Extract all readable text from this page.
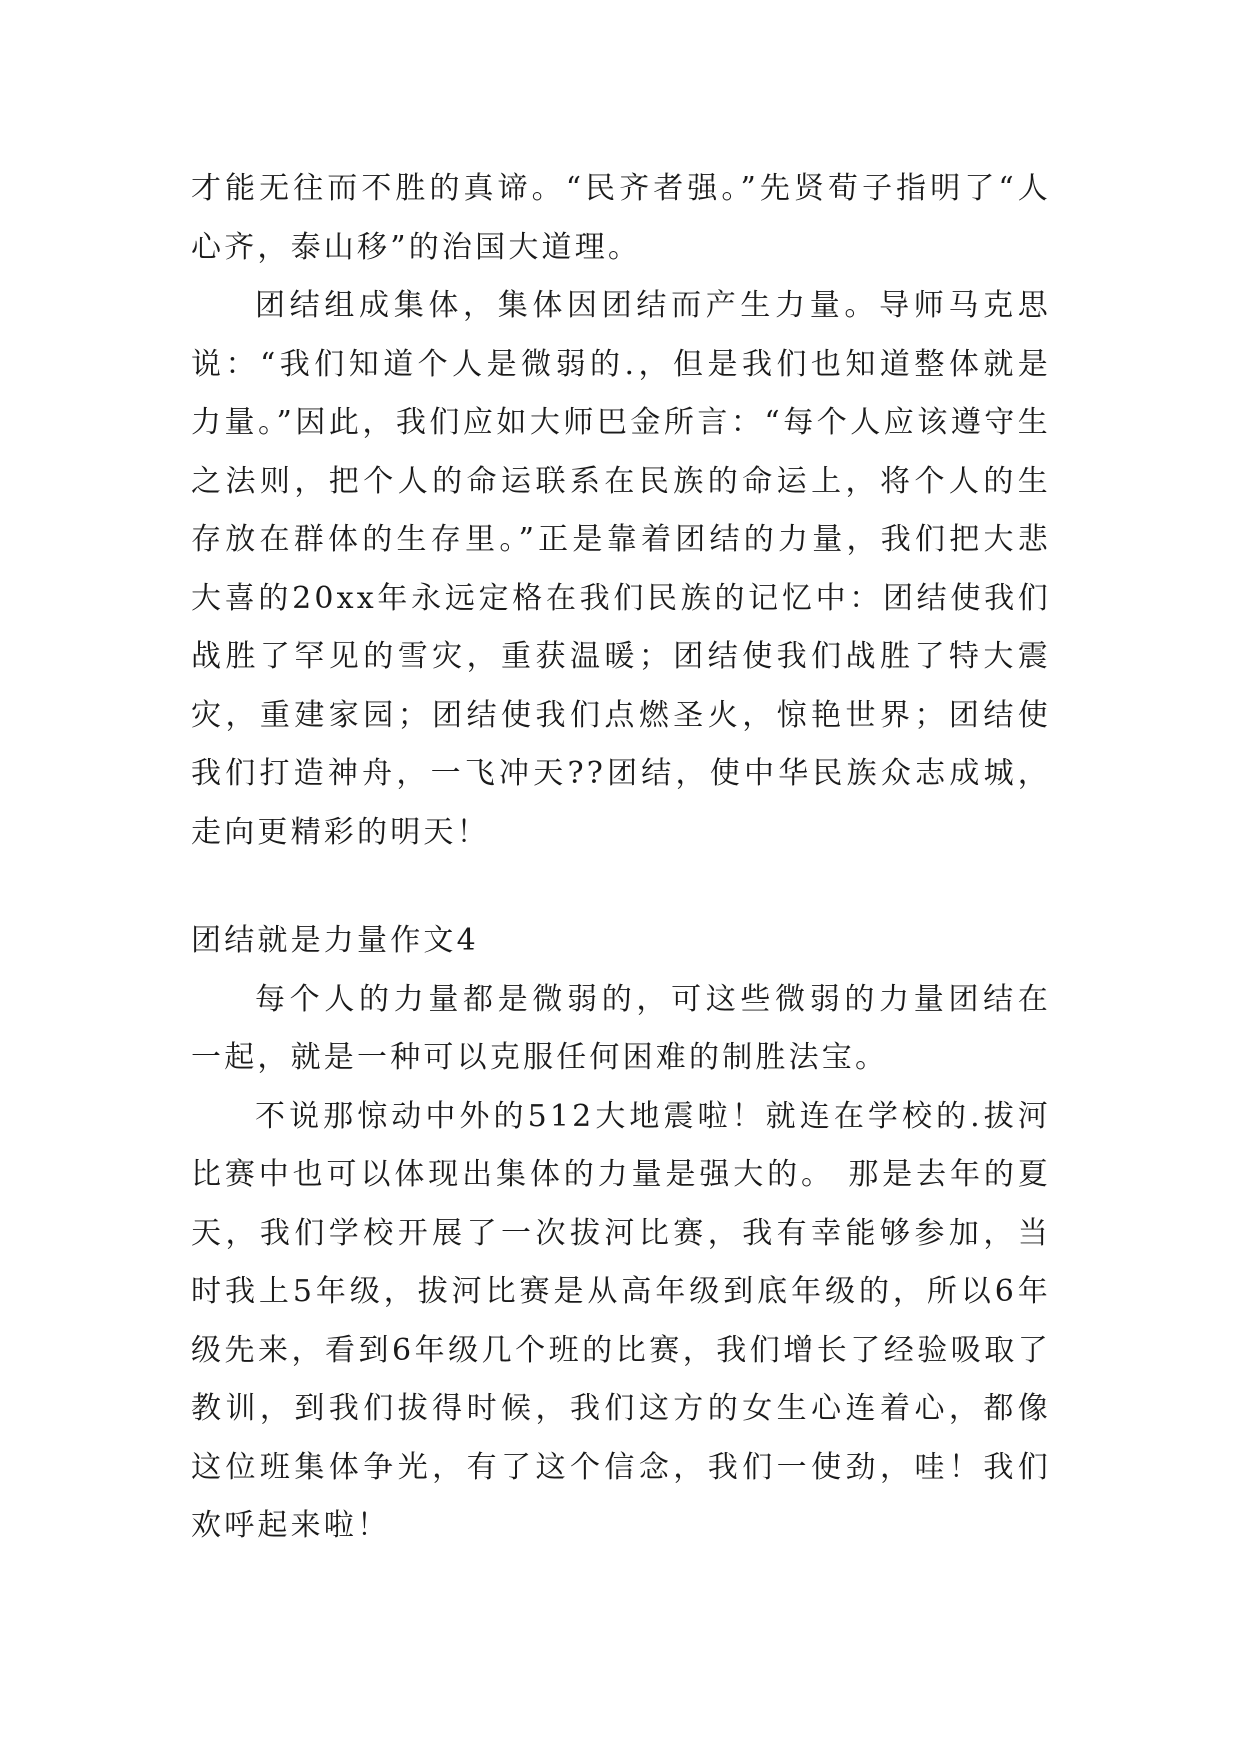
才能无往而不胜的真谛。“民齐者强。”先贤荀子指明了“人心齐，泰山移”的治国大道理。

团结组成集体，集体因团结而产生力量。导师马克思说：“我们知道个人是微弱的.，但是我们也知道整体就是力量。”因此，我们应如大师巴金所言：“每个人应该遵守生之法则，把个人的命运联系在民族的命运上，将个人的生存放在群体的生存里。”正是靠着团结的力量，我们把大悲大喜的20xx年永远定格在我们民族的记忆中：团结使我们战胜了罕见的雪灾，重获温暖；团结使我们战胜了特大震灾，重建家园；团结使我们点燃圣火，惊艳世界；团结使我们打造神舟，一飞冲天??团结，使中华民族众志成城，走向更精彩的明天！

团结就是力量作文4

每个人的力量都是微弱的，可这些微弱的力量团结在一起，就是一种可以克服任何困难的制胜法宝。

不说那惊动中外的512大地震啦！就连在学校的.拔河比赛中也可以体现出集体的力量是强大的。 那是去年的夏天，我们学校开展了一次拔河比赛，我有幸能够参加，当时我上5年级，拔河比赛是从高年级到底年级的，所以6年级先来，看到6年级几个班的比赛，我们增长了经验吸取了教训，到我们拔得时候，我们这方的女生心连着心，都像这位班集体争光，有了这个信念，我们一使劲，哇！我们欢呼起来啦！
